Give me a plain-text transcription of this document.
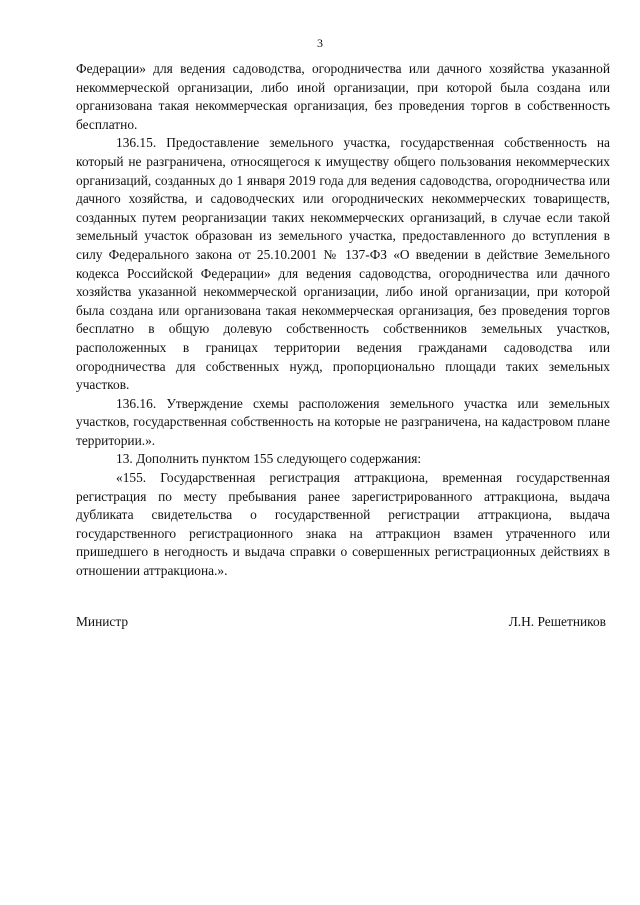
3

Федерации» для ведения садоводства, огородничества или дачного хозяйства указанной некоммерческой организации, либо иной организации, при которой была создана или организована такая некоммерческая организация, без проведения торгов в собственность бесплатно.

136.15. Предоставление земельного участка, государственная собственность на который не разграничена, относящегося к имуществу общего пользования некоммерческих организаций, созданных до 1 января 2019 года для ведения садоводства, огородничества или дачного хозяйства, и садоводческих или огороднических некоммерческих товариществ, созданных путем реорганизации таких некоммерческих организаций, в случае если такой земельный участок образован из земельного участка, предоставленного до вступления в силу Федерального закона от 25.10.2001 № 137-ФЗ «О введении в действие Земельного кодекса Российской Федерации» для ведения садоводства, огородничества или дачного хозяйства указанной некоммерческой организации, либо иной организации, при которой была создана или организована такая некоммерческая организация, без проведения торгов бесплатно в общую долевую собственность собственников земельных участков, расположенных в границах территории ведения гражданами садоводства или огородничества для собственных нужд, пропорционально площади таких земельных участков.

136.16. Утверждение схемы расположения земельного участка или земельных участков, государственная собственность на которые не разграничена, на кадастровом плане территории.».

13. Дополнить пунктом 155 следующего содержания:

«155. Государственная регистрация аттракциона, временная государственная регистрация по месту пребывания ранее зарегистрированного аттракциона, выдача дубликата свидетельства о государственной регистрации аттракциона, выдача государственного регистрационного знака на аттракцион взамен утраченного или пришедшего в негодность и выдача справки о совершенных регистрационных действиях в отношении аттракциона.».

Министр	Л.Н. Решетников
